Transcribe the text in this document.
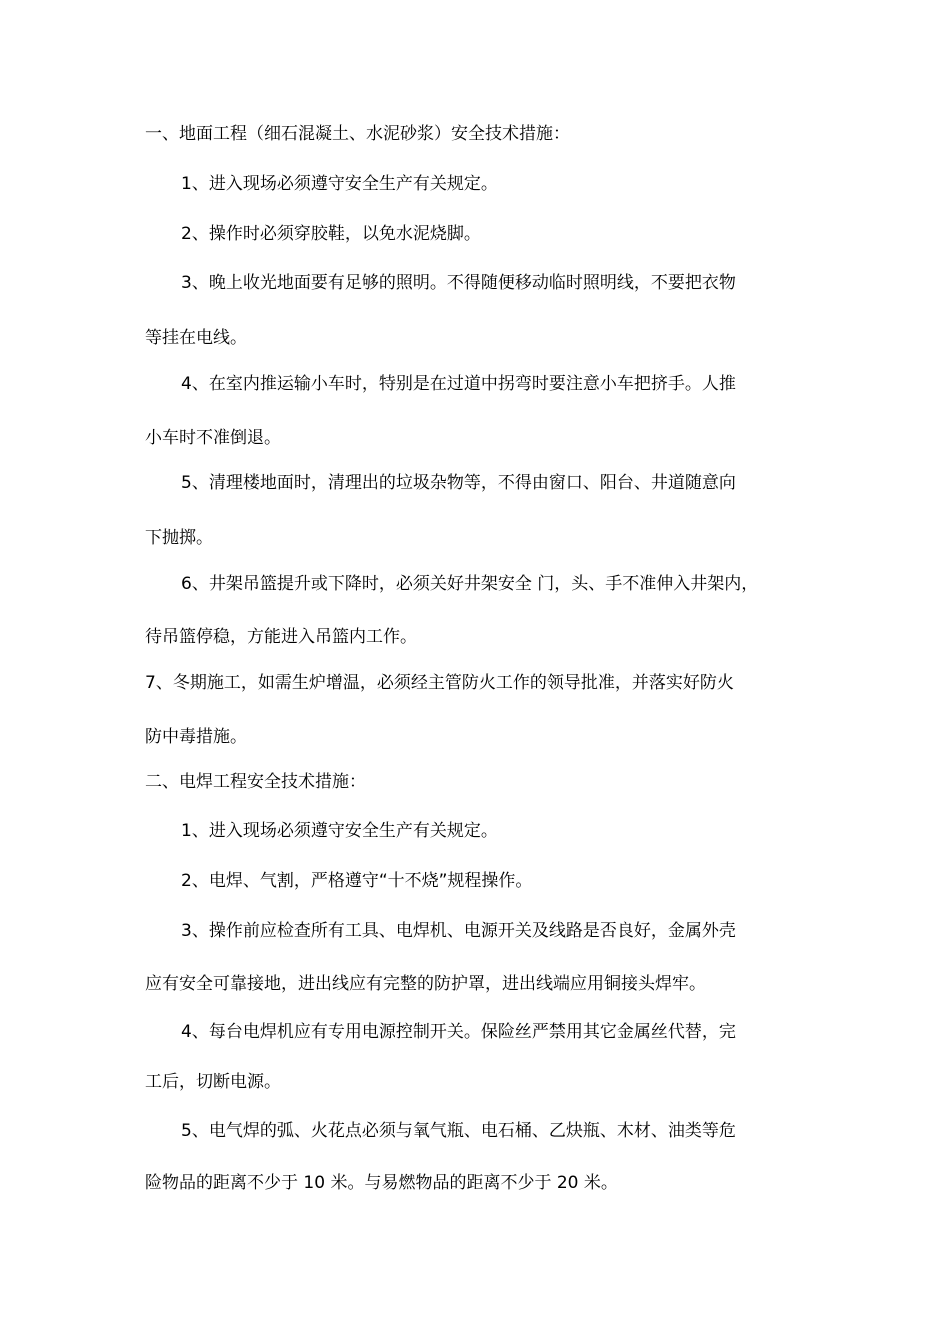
一、地面工程（细石混凝土、水泥砂浆）安全技术措施：
1、进入现场必须遵守安全生产有关规定。
2、操作时必须穿胶鞋，以免水泥烧脚。
3、晚上收光地面要有足够的照明。不得随便移动临时照明线，不要把衣物
等挂在电线。
4、在室内推运输小车时，特别是在过道中拐弯时要注意小车把挤手。人推
小车时不准倒退。
5、清理楼地面时，清理出的垃圾杂物等，不得由窗口、阳台、井道随意向
下抛掷。
6、井架吊篮提升或下降时，必须关好井架安全 门，头、手不准伸入井架内，
待吊篮停稳，方能进入吊篮内工作。
7、冬期施工，如需生炉增温，必须经主管防火工作的领导批准，并落实好防火
防中毒措施。
二、电焊工程安全技术措施：
1、进入现场必须遵守安全生产有关规定。
2、电焊、气割，严格遵守“十不烧”规程操作。
3、操作前应检查所有工具、电焊机、电源开关及线路是否良好，金属外壳
应有安全可靠接地，进出线应有完整的防护罩，进出线端应用铜接头焊牢。
4、每台电焊机应有专用电源控制开关。保险丝严禁用其它金属丝代替，完
工后，切断电源。
5、电气焊的弧、火花点必须与氧气瓶、电石桶、乙炔瓶、木材、油类等危
险物品的距离不少于 10 米。与易燃物品的距离不少于 20 米。
